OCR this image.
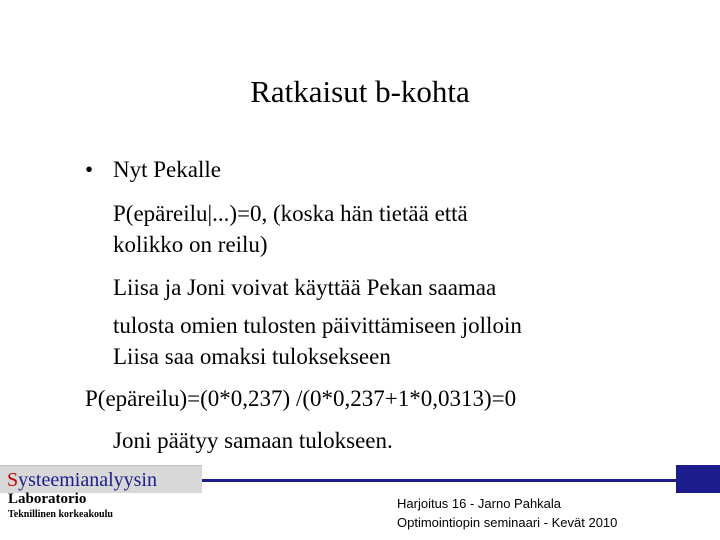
Ratkaisut b-kohta
• Nyt Pekalle
P(epäreilu|...)=0, (koska hän tietää että
kolikko on reilu)
Liisa ja Joni voivat käyttää Pekan saamaa
tulosta omien tulosten päivittämiseen jolloin
Liisa saa omaksi tuloksekseen
P(epäreilu)=(0*0,237) /(0*0,237+1*0,0313)=0
Joni päätyy samaan tulokseen.
Systeemianalyysin
Laboratorio
Teknillinen korkeakoulu
Harjoitus 16 - Jarno Pahkala
Optimointiopin seminaari - Kevät 2010
